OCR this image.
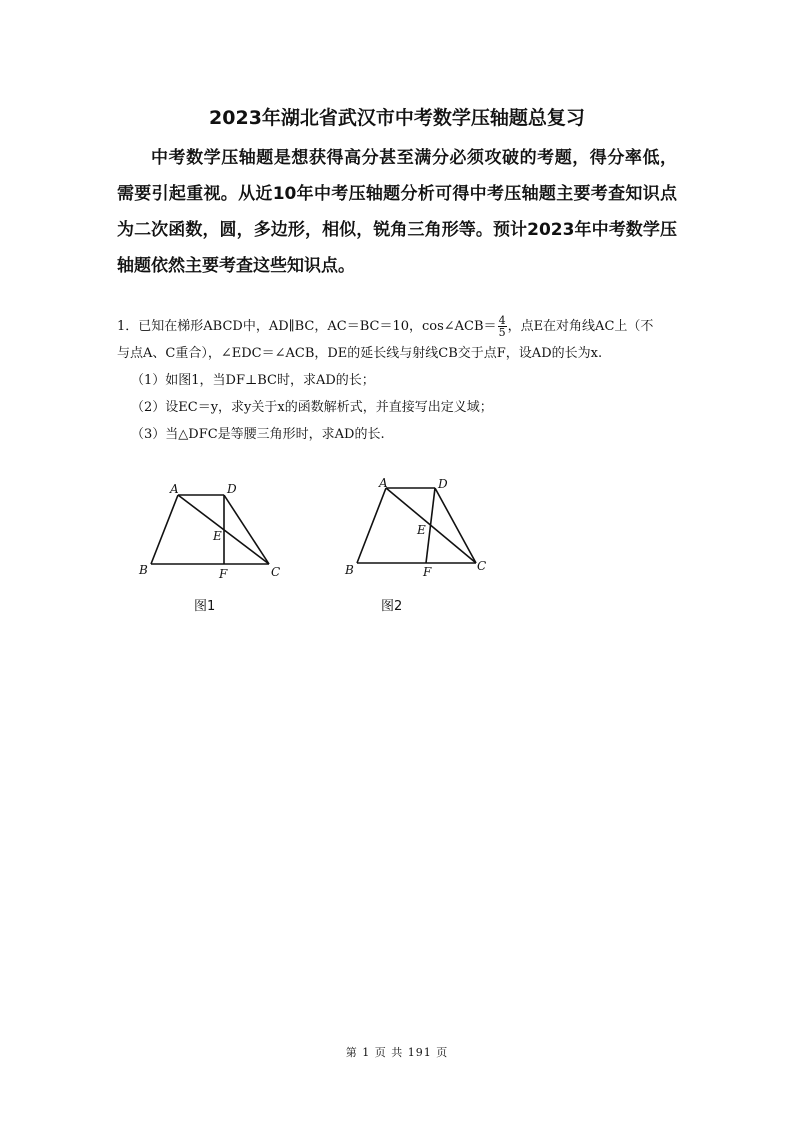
2023年湖北省武汉市中考数学压轴题总复习
中考数学压轴题是想获得高分甚至满分必须攻破的考题，得分率低，需要引起重视。从近10年中考压轴题分析可得中考压轴题主要考查知识点为二次函数，圆，多边形，相似，锐角三角形等。预计2023年中考数学压轴题依然主要考查这些知识点。
1．已知在梯形ABCD中，AD∥BC，AC＝BC＝10，cos∠ACB＝ $\frac{4}{5}$ ，点E在对角线AC上（不
与点A、C重合），∠EDC＝∠ACB，DE的延长线与射线CB交于点F，设AD的长为x.
（1）如图1，当DF⊥BC时，求AD的长；
（2）设EC＝y，求y关于x的函数解析式，并直接写出定义域；
（3）当△DFC是等腰三角形时，求AD的长.
A	D
E
B	F	C
图1
A	D
E
B	F	C
图2
第 1 页 共 191 页
